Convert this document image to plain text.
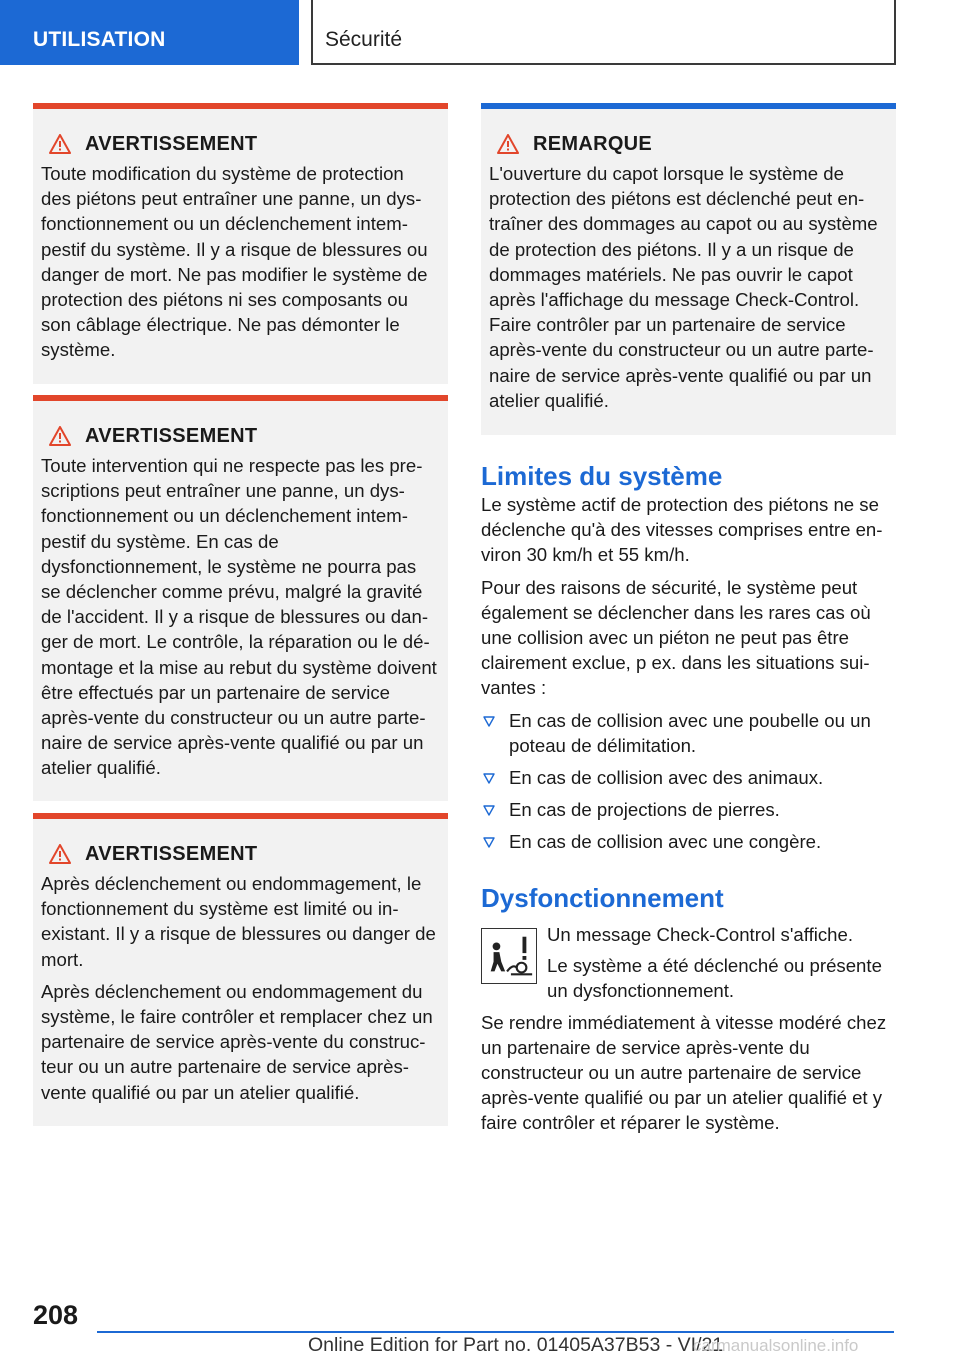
UTILISATION	Sécurité
AVERTISSEMENT

Toute modification du système de protection des piétons peut entraîner une panne, un dysfonctionnement ou un déclenchement intempestif du système. Il y a risque de blessures ou danger de mort. Ne pas modifier le système de protection des piétons ni ses composants ou son câblage électrique. Ne pas démonter le système.

AVERTISSEMENT

Toute intervention qui ne respecte pas les prescriptions peut entraîner une panne, un dysfonctionnement ou un déclenchement intempestif du système. En cas de dysfonctionnement, le système ne pourra pas se déclencher comme prévu, malgré la gravité de l'accident. Il y a risque de blessures ou danger de mort. Le contrôle, la réparation ou le démontage et la mise au rebut du système doivent être effectués par un partenaire de service après-vente du constructeur ou un autre partenaire de service après-vente qualifié ou par un atelier qualifié.

AVERTISSEMENT

Après déclenchement ou endommagement, le fonctionnement du système est limité ou inexistant. Il y a risque de blessures ou danger de mort.

Après déclenchement ou endommagement du système, le faire contrôler et remplacer chez un partenaire de service après-vente du constructeur ou un autre partenaire de service après-vente qualifié ou par un atelier qualifié.

REMARQUE

L'ouverture du capot lorsque le système de protection des piétons est déclenché peut entraîner des dommages au capot ou au système de protection des piétons. Il y a un risque de dommages matériels. Ne pas ouvrir le capot après l'affichage du message Check-Control. Faire contrôler par un partenaire de service après-vente du constructeur ou un autre partenaire de service après-vente qualifié ou par un atelier qualifié.

Limites du système
Le système actif de protection des piétons ne se déclenche qu'à des vitesses comprises entre environ 30 km/h et 55 km/h.
Pour des raisons de sécurité, le système peut également se déclencher dans les rares cas où une collision avec un piéton ne peut pas être clairement exclue, p ex. dans les situations suivantes :
En cas de collision avec une poubelle ou un poteau de délimitation.
En cas de collision avec des animaux.
En cas de projections de pierres.
En cas de collision avec une congère.
Dysfonctionnement
Un message Check-Control s'affiche.
Le système a été déclenché ou présente un dysfonctionnement.
Se rendre immédiatement à vitesse modéré chez un partenaire de service après-vente du constructeur ou un autre partenaire de service après-vente qualifié ou par un atelier qualifié et y faire contrôler et réparer le système.
208
Online Edition for Part no. 01405A37B53 - VI/21
carmanualsonline.info
